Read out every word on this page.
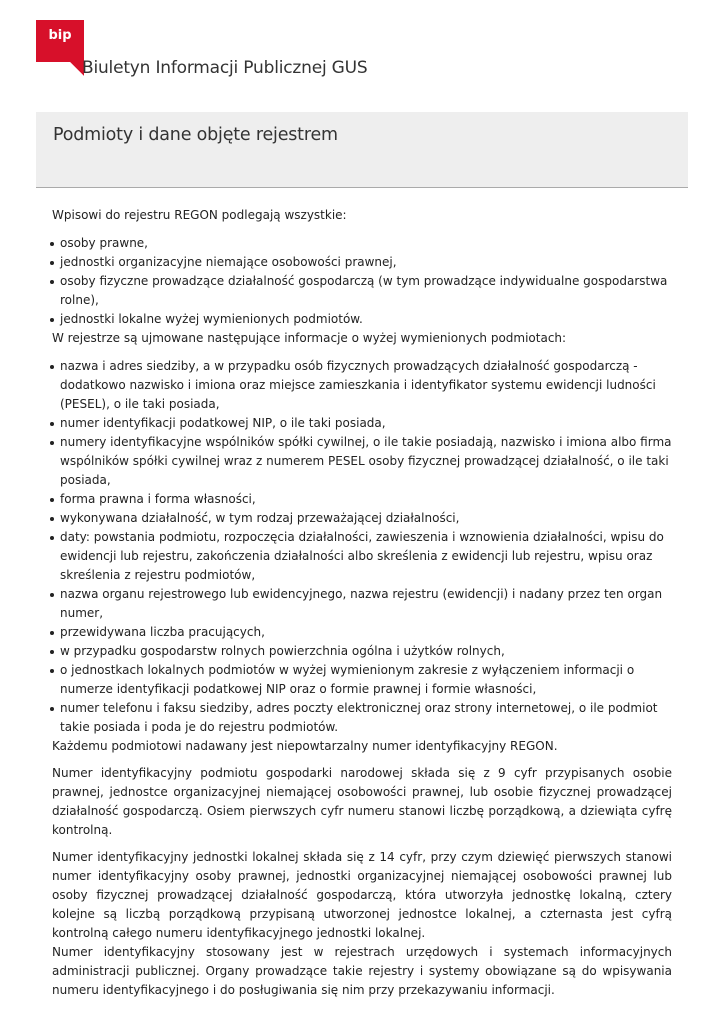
bip
Biuletyn Informacji Publicznej GUS
Podmioty i dane objęte rejestrem

Wpisowi do rejestru REGON podlegają wszystkie:

osoby prawne,
jednostki organizacyjne niemające osobowości prawnej,
osoby fizyczne prowadzące działalność gospodarczą (w tym prowadzące indywidualne gospodarstwa rolne),
jednostki lokalne wyżej wymienionych podmiotów.

W rejestrze są ujmowane następujące informacje o wyżej wymienionych podmiotach:

nazwa i adres siedziby, a w przypadku osób fizycznych prowadzących działalność gospodarczą - dodatkowo nazwisko i imiona oraz miejsce zamieszkania i identyfikator systemu ewidencji ludności (PESEL), o ile taki posiada,
numer identyfikacji podatkowej NIP, o ile taki posiada,
numery identyfikacyjne wspólników spółki cywilnej, o ile takie posiadają, nazwisko i imiona albo firma wspólników spółki cywilnej wraz z numerem PESEL osoby fizycznej prowadzącej działalność, o ile taki posiada,
forma prawna i forma własności,
wykonywana działalność, w tym rodzaj przeważającej działalności,
daty: powstania podmiotu, rozpoczęcia działalności, zawieszenia i wznowienia działalności, wpisu do ewidencji lub rejestru, zakończenia działalności albo skreślenia z ewidencji lub rejestru, wpisu oraz skreślenia z rejestru podmiotów,
nazwa organu rejestrowego lub ewidencyjnego, nazwa rejestru (ewidencji) i nadany przez ten organ numer,
przewidywana liczba pracujących,
w przypadku gospodarstw rolnych powierzchnia ogólna i użytków rolnych,
o jednostkach lokalnych podmiotów w wyżej wymienionym zakresie z wyłączeniem informacji o numerze identyfikacji podatkowej NIP oraz o formie prawnej i formie własności,
numer telefonu i faksu siedziby, adres poczty elektronicznej oraz strony internetowej, o ile podmiot takie posiada i poda je do rejestru podmiotów.

Każdemu podmiotowi nadawany jest niepowtarzalny numer identyfikacyjny REGON.

Numer identyfikacyjny podmiotu gospodarki narodowej składa się z 9 cyfr przypisanych osobie prawnej, jednostce organizacyjnej niemającej osobowości prawnej, lub osobie fizycznej prowadzącej działalność gospodarczą. Osiem pierwszych cyfr numeru stanowi liczbę porządkową, a dziewiąta cyfrę kontrolną.

Numer identyfikacyjny jednostki lokalnej składa się z 14 cyfr, przy czym dziewięć pierwszych stanowi numer identyfikacyjny osoby prawnej, jednostki organizacyjnej niemającej osobowości prawnej lub osoby fizycznej prowadzącej działalność gospodarczą, która utworzyła jednostkę lokalną, cztery kolejne są liczbą porządkową przypisaną utworzonej jednostce lokalnej, a czternasta jest cyfrą kontrolną całego numeru identyfikacyjnego jednostki lokalnej.

Numer identyfikacyjny stosowany jest w rejestrach urzędowych i systemach informacyjnych administracji publicznej. Organy prowadzące takie rejestry i systemy obowiązane są do wpisywania numeru identyfikacyjnego i do posługiwania się nim przy przekazywaniu informacji.
